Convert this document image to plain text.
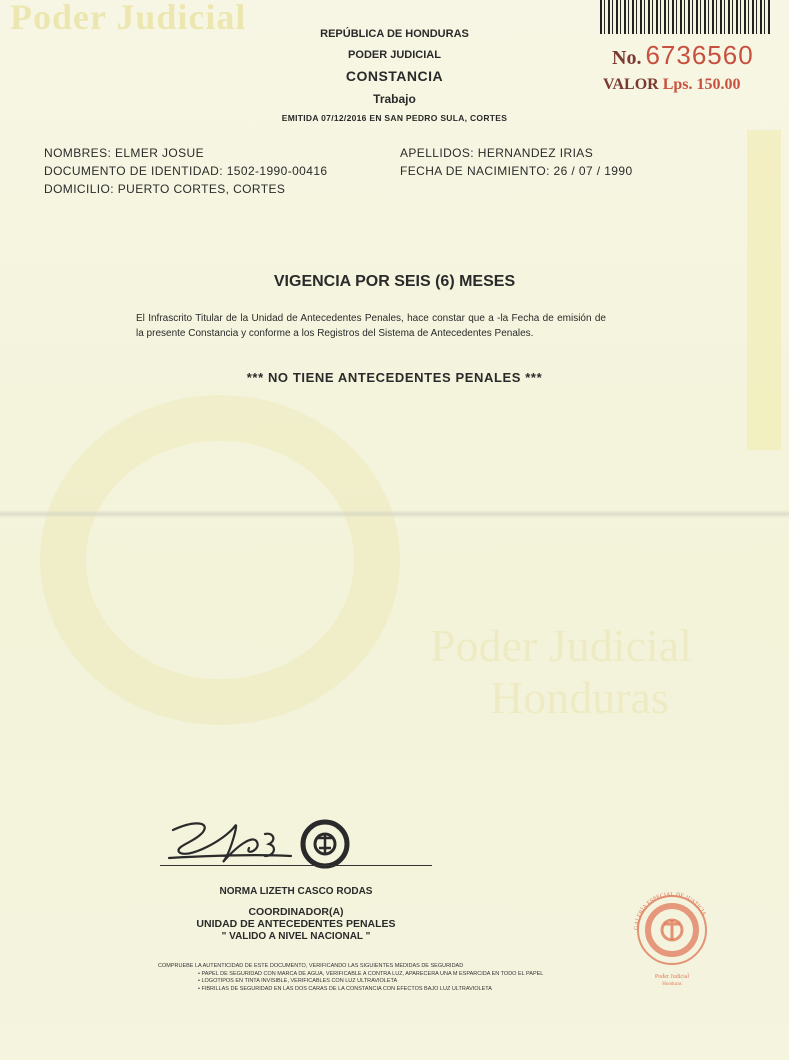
Poder Judicial
Poder Judicial
Honduras
REPÚBLICA DE HONDURAS
PODER JUDICIAL
CONSTANCIA
Trabajo
EMITIDA 07/12/2016 EN SAN PEDRO SULA, CORTES
No. 6736560
VALOR Lps. 150.00
NOMBRES: ELMER JOSUE
DOCUMENTO DE IDENTIDAD: 1502-1990-00416
DOMICILIO: PUERTO CORTES, CORTES
APELLIDOS: HERNANDEZ IRIAS
FECHA DE NACIMIENTO: 26 / 07 / 1990
VIGENCIA POR SEIS (6) MESES
El Infrascrito Titular de la Unidad de Antecedentes Penales, hace constar que a -la Fecha de emisión de la presente Constancia y conforme a los Registros del Sistema de Antecedentes Penales.
*** NO TIENE ANTECEDENTES PENALES ***
NORMA LIZETH CASCO RODAS
COORDINADOR(A)
UNIDAD DE ANTECEDENTES PENALES
" VALIDO A NIVEL NACIONAL "
COMPRUEBE LA AUTENTICIDAD DE ESTE DOCUMENTO, VERIFICANDO LAS SIGUIENTES MEDIDAS DE SEGURIDAD
• PAPEL DE SEGURIDAD CON MARCA DE AGUA, VERIFICABLE A CONTRA LUZ, APARECERA UNA M ESPARCIDA EN TODO EL PAPEL
• LOGOTIPOS EN TINTA INVISIBLE, VERIFICABLES CON LUZ ULTRAVIOLETA
• FIBRILLAS DE SEGURIDAD EN LAS DOS CARAS DE LA CONSTANCIA CON EFECTOS BAJO LUZ ULTRAVIOLETA
GALERÍA ESPECIAL DE JUSTICIA
Poder Judicial
Honduras
